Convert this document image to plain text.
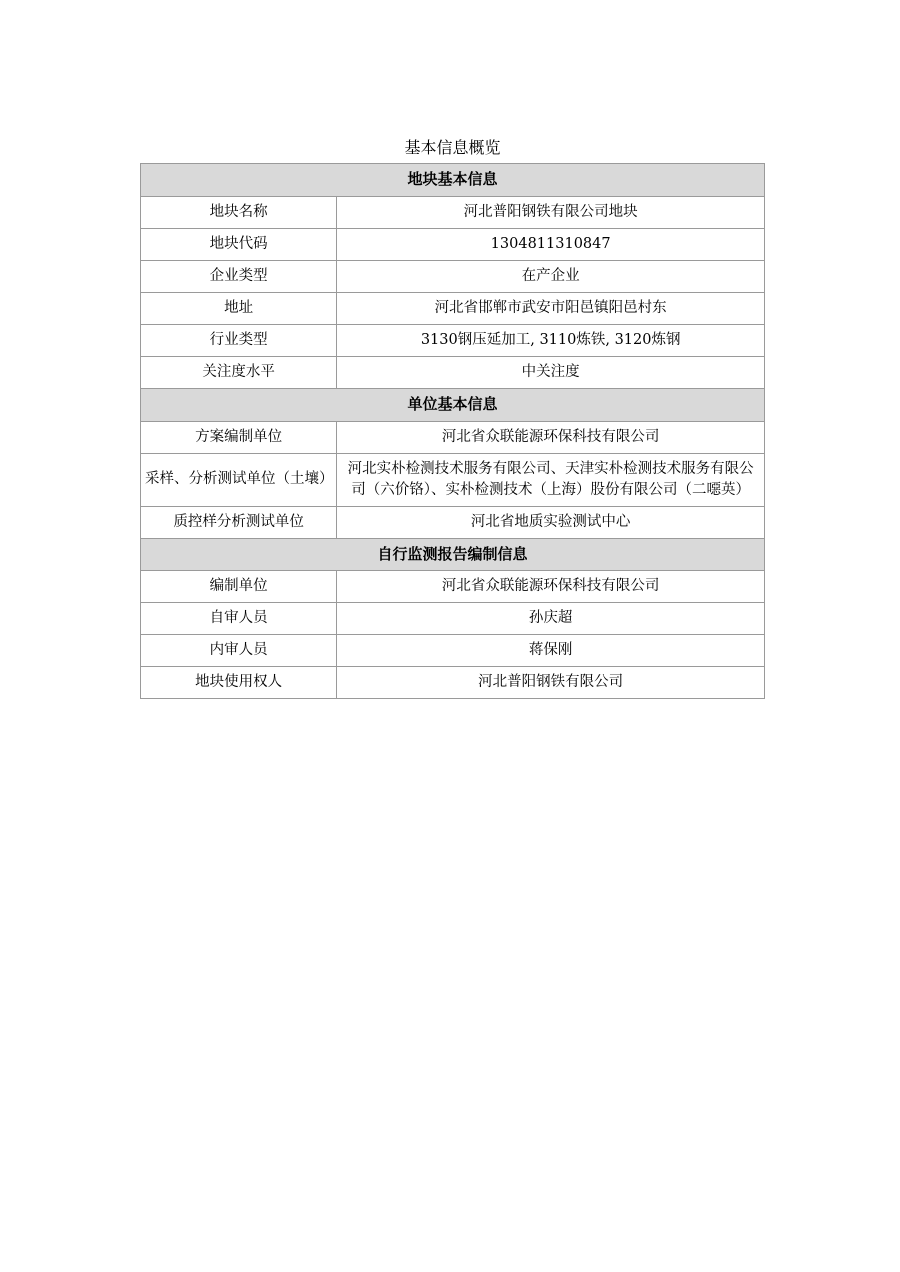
基本信息概览
地块基本信息	
地块名称	河北普阳钢铁有限公司地块
地块代码	1304811310847
企业类型	在产企业
地址	河北省邯郸市武安市阳邑镇阳邑村东
行业类型	3130钢压延加工, 3110炼铁, 3120炼钢
关注度水平	中关注度
单位基本信息	
方案编制单位	河北省众联能源环保科技有限公司
采样、分析测试单位（土壤）	河北实朴检测技术服务有限公司、天津实朴检测技术服务有限公司（六价铬）、实朴检测技术（上海）股份有限公司（二噁英）
质控样分析测试单位	河北省地质实验测试中心
自行监测报告编制信息	
编制单位	河北省众联能源环保科技有限公司
自审人员	孙庆超
内审人员	蒋保刚
地块使用权人	河北普阳钢铁有限公司
